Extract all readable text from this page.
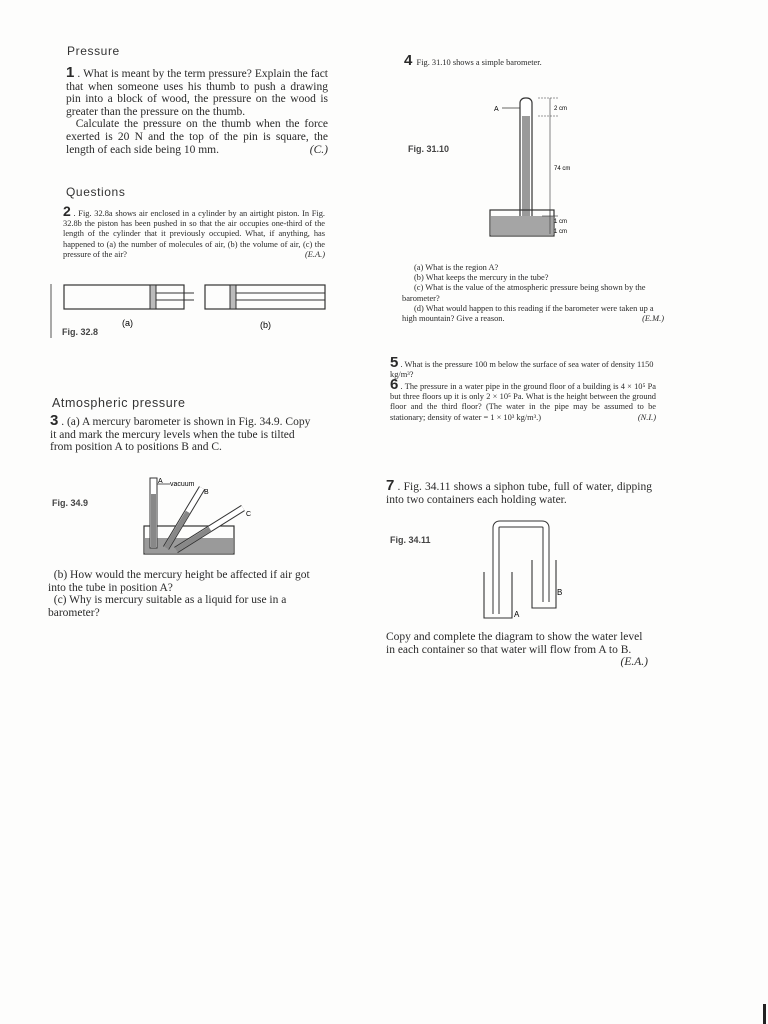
Pressure
1 . What is meant by the term pressure? Explain the fact that when someone uses his thumb to push a drawing pin into a block of wood, the pressure on the wood is greater than the pressure on the thumb.
Calculate the pressure on the thumb when the force exerted is 20 N and the top of the pin is square, the length of each side being 10 mm.	(C.)
Questions
2 . Fig. 32.8a shows air enclosed in a cylinder by an airtight piston. In Fig. 32.8b the piston has been pushed in so that the air occupies one-third of the length of the cylinder that it previously occupied. What, if anything, has happened to (a) the number of molecules of air, (b) the volume of air, (c) the pressure of the air?	(E.A.)
(a)	(b)
Fig. 32.8
Atmospheric pressure
3 . (a) A mercury barometer is shown in Fig. 34.9. Copy it and mark the mercury levels when the tube is tilted from position A to positions B and C.
Fig. 34.9
A vacuum
B
C
(b) How would the mercury height be affected if air got into the tube in position A?
(c) Why is mercury suitable as a liquid for use in a barometer?
4 Fig. 31.10 shows a simple barometer.
Fig. 31.10
A	2 cm
74 cm
1 cm
1 cm
(a) What is the region A?
(b) What keeps the mercury in the tube?
(c) What is the value of the atmospheric pressure being shown by the barometer?
(d) What would happen to this reading if the barometer were taken up a high mountain? Give a reason.	(E.M.)
5 . What is the pressure 100 m below the surface of sea water of density 1150 kg/m³?
6 . The pressure in a water pipe in the ground floor of a building is 4 × 10⁵ Pa but three floors up it is only 2 × 10⁵ Pa. What is the height between the ground floor and the third floor? (The water in the pipe may be assumed to be stationary; density of water = 1 × 10³ kg/m³.)	(N.I.)
7 . Fig. 34.11 shows a siphon tube, full of water, dipping into two containers each holding water.
Fig. 34.11
A
B
Copy and complete the diagram to show the water level in each container so that water will flow from A to B.
(E.A.)
